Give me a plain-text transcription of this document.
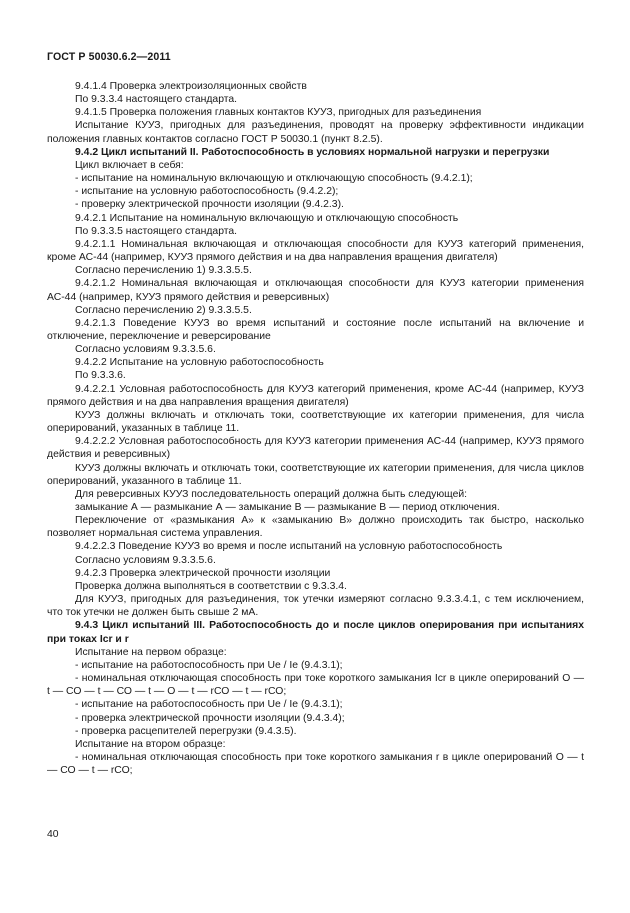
ГОСТ Р 50030.6.2—2011

9.4.1.4 Проверка электроизоляционных свойств

По 9.3.3.4 настоящего стандарта.

9.4.1.5 Проверка положения главных контактов КУУЗ, пригодных для разъединения

Испытание КУУЗ, пригодных для разъединения, проводят на проверку эффективности индикации положения главных контактов согласно ГОСТ Р 50030.1 (пункт 8.2.5).

9.4.2 Цикл испытаний II. Работоспособность в условиях нормальной нагрузки и перегрузки

Цикл включает в себя:

- испытание на номинальную включающую и отключающую способность (9.4.2.1);

- испытание на условную работоспособность (9.4.2.2);

- проверку электрической прочности изоляции (9.4.2.3).

9.4.2.1 Испытание на номинальную включающую и отключающую способность

По 9.3.3.5 настоящего стандарта.

9.4.2.1.1 Номинальная включающая и отключающая способности для КУУЗ категорий применения, кроме АС-44 (например, КУУЗ прямого действия и на два направления вращения двигателя)

Согласно перечислению 1) 9.3.3.5.5.

9.4.2.1.2 Номинальная включающая и отключающая способности для КУУЗ категории применения АС-44 (например, КУУЗ прямого действия и реверсивных)

Согласно перечислению 2) 9.3.3.5.5.

9.4.2.1.3 Поведение КУУЗ во время испытаний и состояние после испытаний на включение и отключение, переключение и реверсирование

Согласно условиям 9.3.3.5.6.

9.4.2.2 Испытание на условную работоспособность

По 9.3.3.6.

9.4.2.2.1 Условная работоспособность для КУУЗ категорий применения, кроме АС-44 (например, КУУЗ прямого действия и на два направления вращения двигателя)

КУУЗ должны включать и отключать токи, соответствующие их категории применения, для числа оперирований, указанных в таблице 11.

9.4.2.2.2 Условная работоспособность для КУУЗ категории применения АС-44 (например, КУУЗ прямого действия и реверсивных)

КУУЗ должны включать и отключать токи, соответствующие их категории применения, для числа циклов оперирований, указанного в таблице 11.

Для реверсивных КУУЗ последовательность операций должна быть следующей:

замыкание А — размыкание А — замыкание В — размыкание В — период отключения.

Переключение от «размыкания А» к «замыканию В» должно происходить так быстро, насколько позволяет нормальная система управления.

9.4.2.2.3 Поведение КУУЗ во время и после испытаний на условную работоспособность

Согласно условиям 9.3.3.5.6.

9.4.2.3 Проверка электрической прочности изоляции

Проверка должна выполняться в соответствии с 9.3.3.4.

Для КУУЗ, пригодных для разъединения, ток утечки измеряют согласно 9.3.3.4.1, с тем исключением, что ток утечки не должен быть свыше 2 мА.

9.4.3 Цикл испытаний III. Работоспособность до и после циклов оперирования при испытаниях при токах Icr и r

Испытание на первом образце:

- испытание на работоспособность при Ue / Ie (9.4.3.1);

- номинальная отключающая способность при токе короткого замыкания Icr в цикле оперирований О — t — СО — t — СО — t — О — t — rСО — t — rСО;

- испытание на работоспособность при Ue / Ie (9.4.3.1);

- проверка электрической прочности изоляции (9.4.3.4);

- проверка расцепителей перегрузки (9.4.3.5).

Испытание на втором образце:

- номинальная отключающая способность при токе короткого замыкания r в цикле оперирований О — t — СО — t — rСО;

40
